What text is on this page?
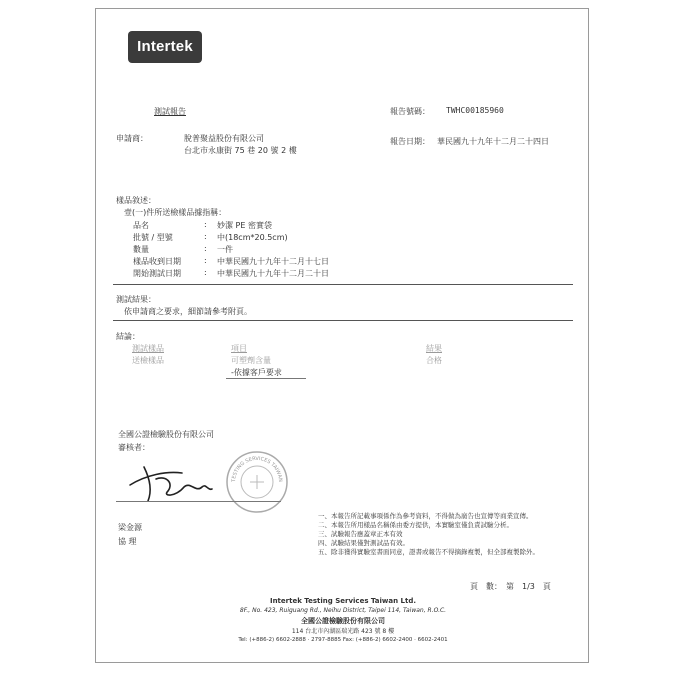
Intertek
測試報告	報告號碼： TWHC00185960
申請商：	脫普聚益股份有限公司
台北市永康街 75 巷 20 號 2 樓
報告日期： 華民國九十九年十二月二十四日
樣品敘述：
壹(一)件所送檢樣品據指稱：
品名	: 妙潔 PE 密實袋
批號 / 型號	: 中(18cm*20.5cm)
數量	: 一件
樣品收到日期	: 中華民國九十九年十二月十七日
開始測試日期	: 中華民國九十九年十二月二十日
測試結果：
依申請商之要求，細節請參考附頁。
結論：
測試樣品	項目	結果
送檢樣品	可塑劑含量	合格
-依據客戶要求
全國公證檢驗股份有限公司
審核者：
TESTING SERVICES TAIWAN
梁金源
協 理
一、本報告所記載事項係作為參考資料，不得做為廣告也宣傳等商業宣傳。
二、本報告所用樣品名稱係由委方提供，本實驗室僅負責試驗分析。
三、試驗報告應蓋章正本有效
四、試驗結果僅對測試品有效。
五、除非獲得實驗室書面同意，證書或報告不得摘錄複製，但全部複製除外。
頁　數： 第　1/3　頁
Intertek Testing Services Taiwan Ltd.
8F., No. 423, Ruiguang Rd., Neihu District, Taipei 114, Taiwan, R.O.C.
全國公證檢驗股份有限公司
114 台北市內湖區瑞光路 423 號 8 樓
Tel: (+886-2) 6602-2888 · 2797-8885 Fax: (+886-2) 6602-2400 · 6602-2401
